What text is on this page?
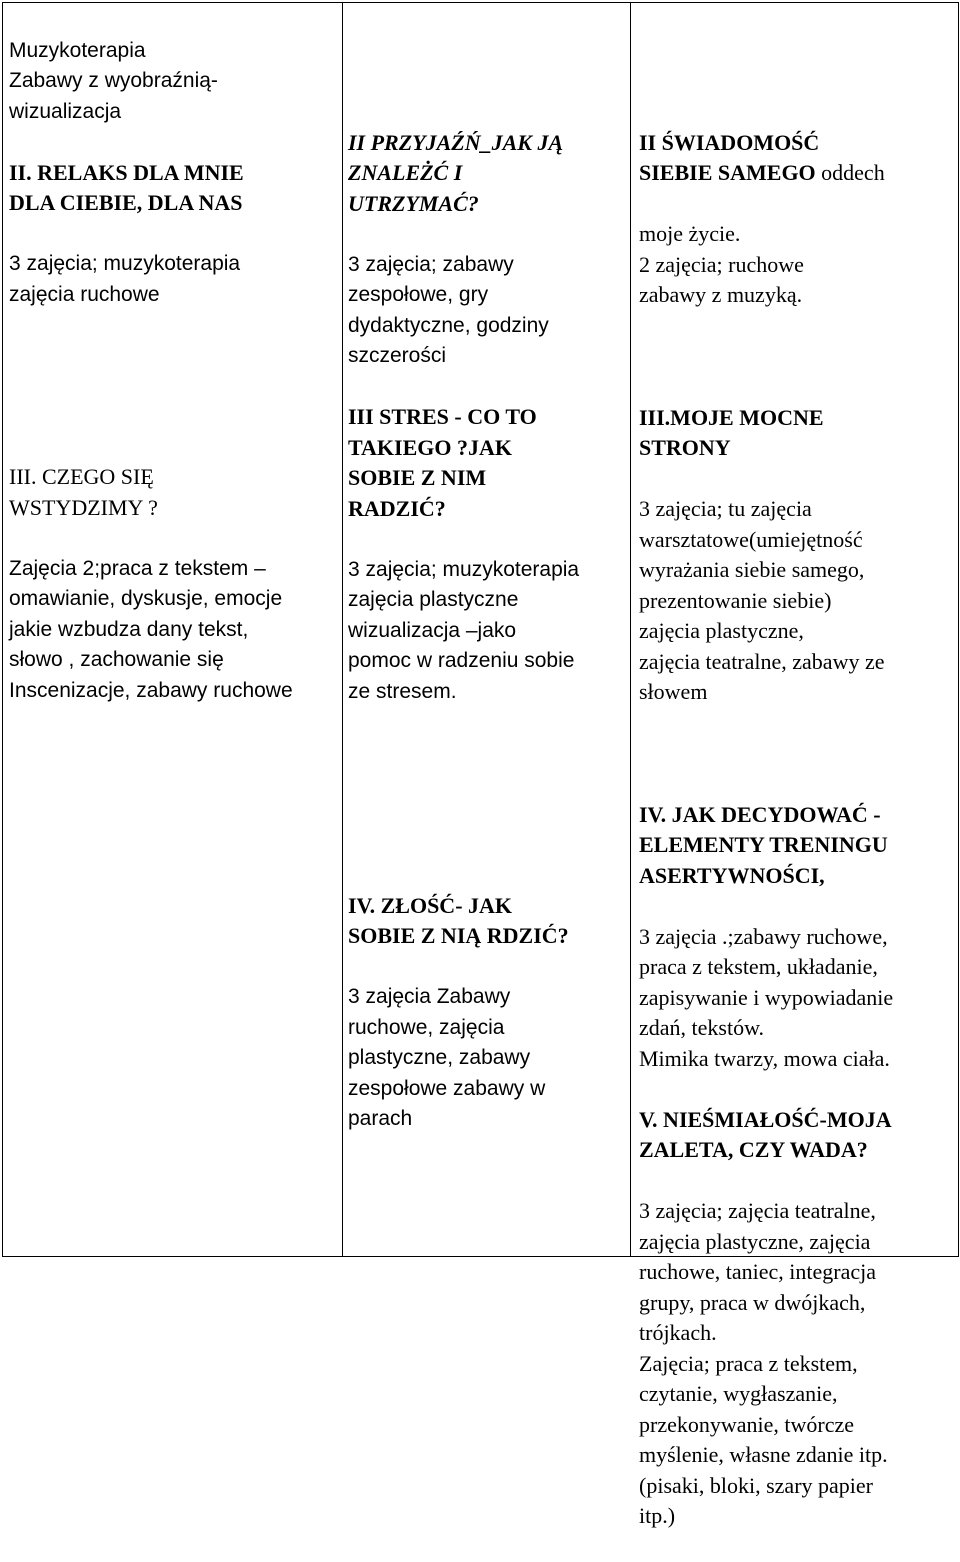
Muzykoterapia
Zabawy z wyobraźnią-
wizualizacja

II. RELAKS DLA MNIE
DLA CIEBIE, DLA NAS

3 zajęcia; muzykoterapia
zajęcia ruchowe

III. CZEGO SIĘ
WSTYDZIMY ?

Zajęcia 2;praca z tekstem –
omawianie, dyskusje, emocje
jakie wzbudza dany tekst,
słowo , zachowanie się
Inscenizacje, zabawy ruchowe

II PRZYJAŹŃ_JAK JĄ
ZNALEŻĆ I
UTRZYMAĆ?

3 zajęcia; zabawy
zespołowe, gry
dydaktyczne, godziny
szczerości

III STRES - CO TO
TAKIEGO ?JAK
SOBIE Z NIM
RADZIĆ?

3 zajęcia; muzykoterapia
zajęcia plastyczne
wizualizacja –jako
pomoc w radzeniu sobie
ze stresem.

IV. ZŁOŚĆ- JAK
SOBIE Z NIĄ RDZIĆ?

3 zajęcia Zabawy
ruchowe, zajęcia
plastyczne, zabawy
zespołowe zabawy w
parach

II ŚWIADOMOŚĆ
SIEBIE SAMEGO oddech

moje życie.
2 zajęcia; ruchowe
zabawy z muzyką.

III.MOJE MOCNE
STRONY

3 zajęcia; tu zajęcia
warsztatowe(umiejętność
wyrażania siebie samego,
prezentowanie siebie)
zajęcia plastyczne,
zajęcia teatralne, zabawy ze
słowem

IV. JAK DECYDOWAĆ -
ELEMENTY TRENINGU
ASERTYWNOŚCI,

3 zajęcia .;zabawy ruchowe,
praca z tekstem, układanie,
zapisywanie i wypowiadanie
zdań, tekstów.
Mimika twarzy, mowa ciała.

V. NIEŚMIAŁOŚĆ-MOJA
ZALETA, CZY WADA?

3 zajęcia; zajęcia teatralne,
zajęcia plastyczne, zajęcia
ruchowe, taniec, integracja
grupy, praca w dwójkach,
trójkach.
Zajęcia; praca z tekstem,
czytanie, wygłaszanie,
przekonywanie, twórcze
myślenie, własne zdanie itp.
(pisaki, bloki, szary papier
itp.)
